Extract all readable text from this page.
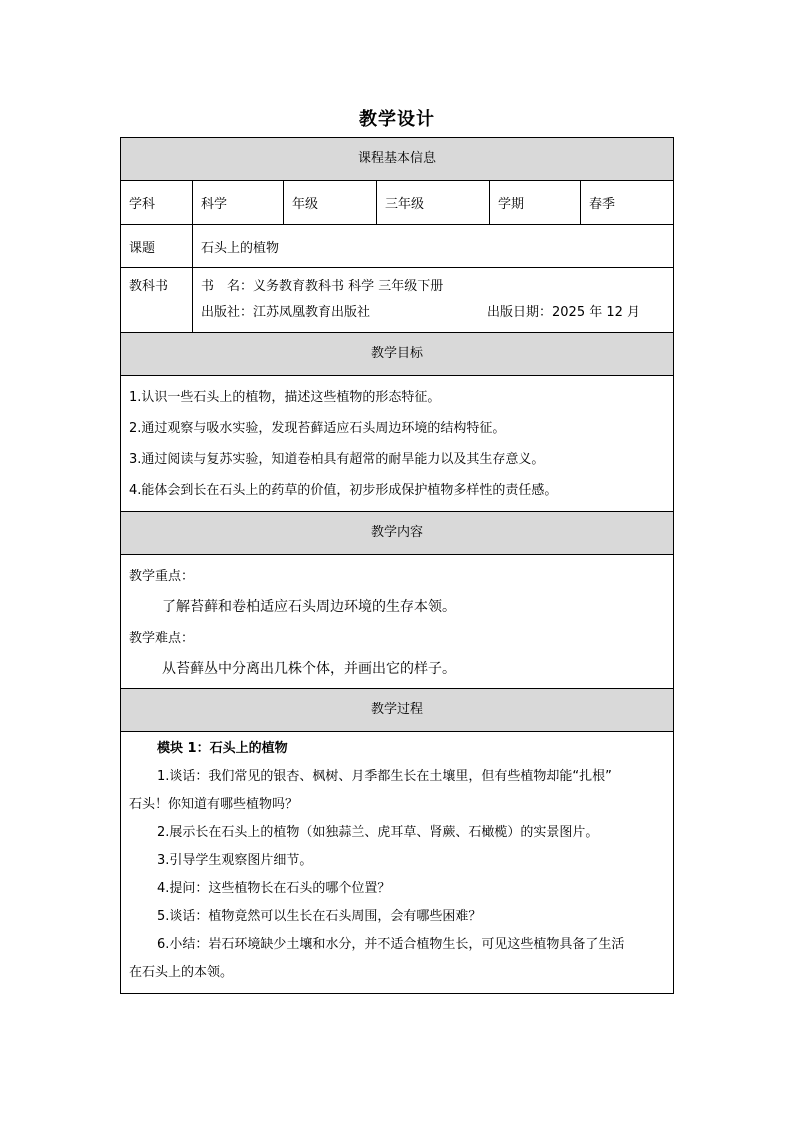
教学设计
课程基本信息
学科	科学	年级	三年级	学期	春季
课题	石头上的植物
教科书	书　名：义务教育教科书 科学 三年级下册
出版社：江苏凤凰教育出版社	出版日期：2025 年 12 月
教学目标

1.认识一些石头上的植物，描述这些植物的形态特征。

2.通过观察与吸水实验，发现苔藓适应石头周边环境的结构特征。

3.通过阅读与复苏实验，知道卷柏具有超常的耐旱能力以及其生存意义。

4.能体会到长在石头上的药草的价值，初步形成保护植物多样性的责任感。

教学内容

教学重点：

了解苔藓和卷柏适应石头周边环境的生存本领。

教学难点：

从苔藓丛中分离出几株个体，并画出它的样子。

教学过程

模块 1：石头上的植物

1.谈话：我们常见的银杏、枫树、月季都生长在土壤里，但有些植物却能“扎根”

石头！你知道有哪些植物吗？

2.展示长在石头上的植物（如独蒜兰、虎耳草、肾蕨、石橄榄）的实景图片。

3.引导学生观察图片细节。

4.提问：这些植物长在石头的哪个位置？

5.谈话：植物竟然可以生长在石头周围，会有哪些困难？

6.小结：岩石环境缺少土壤和水分，并不适合植物生长，可见这些植物具备了生活

在石头上的本领。
